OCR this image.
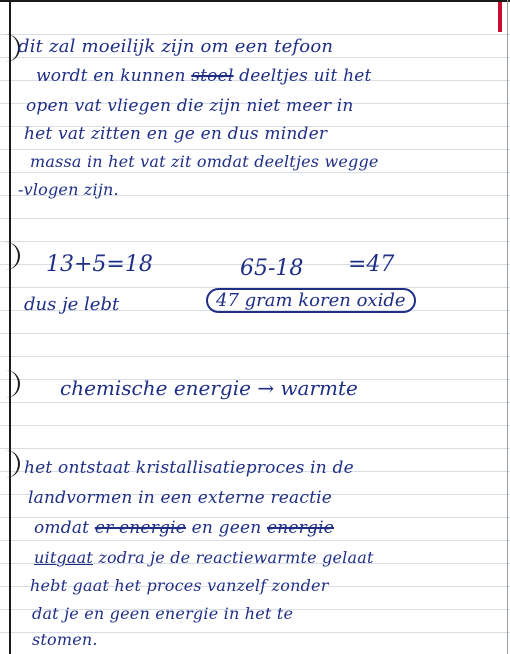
dit zal moeilijk zijn om een tefoon
wordt en kunnen stoel deeltjes uit het
open vat vliegen die zijn niet meer in
het vat zitten en ge en dus minder
massa in het vat zit omdat deeltjes wegge
-vlogen zijn.
13+5=18	65-18 =47
dus je lebt	47 gram koren oxide
chemische energie → warmte
het ontstaat kristallisatieproces in de
landvormen in een externe reactie
omdat er energie en geen energie
uitgaat zodra je de reactiewarmte gelaat
hebt gaat het proces vanzelf zonder
dat je en geen energie in het te
stomen.
